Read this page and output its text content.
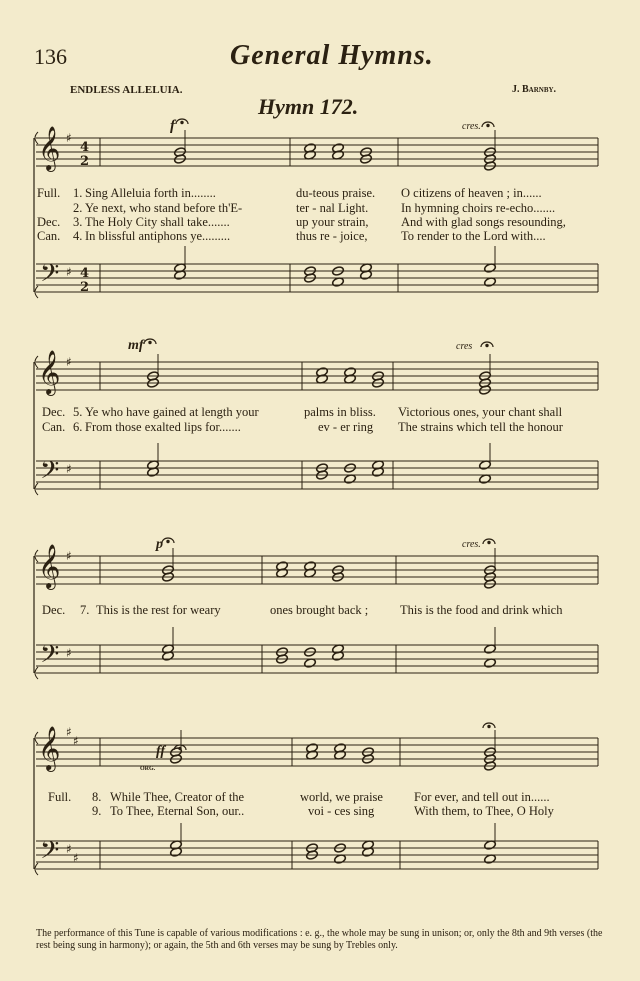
136	General Hymns.
ENDLESS ALLELUIA.	J. Barnby.
Hymn 172.
𝄞
𝄢
♯
♯
𝄞
𝄢
♯
♯
𝄞
𝄢
♯
♯
𝄞
𝄢
♯
♯
♯
♯
4
2
4
2
f	cres.
mf	cres
p	cres.
ff
ORG.
Full. 1. Sing Alleluia forth in........	du-teous praise. O citizens of heaven ; in......
2. Ye next, who stand before th'E-	ter - nal Light.	In hymning choirs re-echo.......
Dec. 3. The Holy City shall take.......	up your strain,	And with glad songs resounding,
Can. 4. In blissful antiphons ye.........	thus re - joice,	To render to the Lord with....
Dec. 5. Ye who have gained at length your	palms in bliss. Victorious ones, your chant shall
Can. 6. From those exalted lips for.......	ev - er ring The strains which tell the honour
Dec. 7. This is the rest for weary	ones brought back ;	This is the food and drink which
Full. 8. While Thee, Creator of the	world, we praise For ever, and tell out in......
9. To Thee, Eternal Son, our..	voi - ces sing	With them, to Thee, O Holy
The performance of this Tune is capable of various modifications : e. g., the whole may be sung in unison; or, only the 8th and 9th verses (the rest being sung in harmony); or again, the 5th and 6th verses may be sung by Trebles only.
